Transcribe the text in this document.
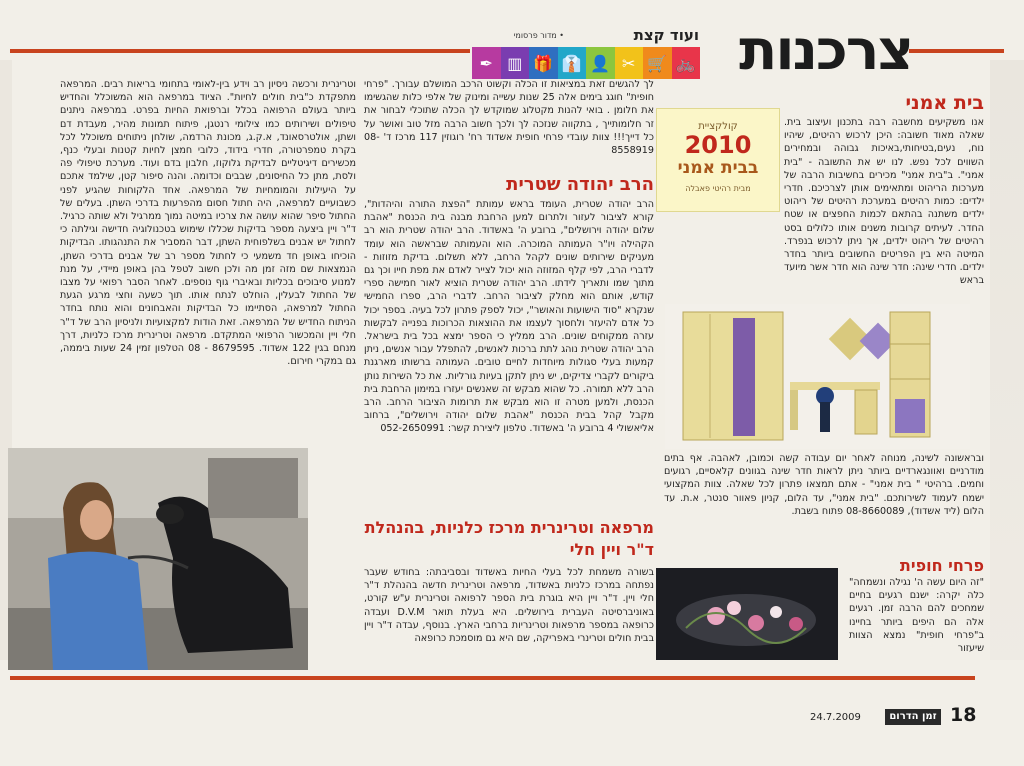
צרכנות
ועוד קצת
• מדור פרסומי
✒ ▥ 🎁 👔 👤 ✂ 🛒 🚲
בית אמני
אנו משקיעים מחשבה רבה בתכנון ועיצוב בית. שאלה מאוד חשובה: היכן לרכוש רהיטים, שיהיו נוח, נעים,בטיחותי,באיכות גבוהה ובמחירים השווים לכל נפש. לנו יש את התשובה - "בית אמני". ב"בית אמני" מכירים בחשיבות הרבה של מערכות הריהוט ומתאימים אותן לצרכיכם. חדרי ילדים: כמות רהיטים במערכת רהיטים של ריהוט ילדים משתנה בהתאם לכמות החפצים או שטח החדר. לעיתים קרובות משנים אותו כלולים בסט רהיטים של ריהוט ילדים, אך ניתן לרכוש בנפרד. המיטה היא בין הפריטים החשובים ביותר בחדר ילדים. חדרי שינה: חדר שינה הוא חדר אשר מיועד בראש
קולקציית
2010
בבית אמני
מבית רהיטי פאבלה
ובראשונה לשינה, מנוחה לאחר יום עבודה קשה וכמובן, לאהבה. אף בתים מודרניים ואוונגארדיים ביותר ניתן לראות חדר שינה בגוונים קלאסיים, רגועים וחמים. ברהיטי " בית אמני" - אתם תמצאו פתרון לכל שאלה. צוות המקצועי ישמח לעמוד לשירותכם. "בית אמני", עד הלום, קניון פאוור סנטר, א.ת. עד הלום (ליד אשדוד), 08-8660089 פתוח בשבת.
פרחי חופית
"זה היום עשה ה' נגילה ונשמחה" כלה יקרה: ישנם רגעים בחיים שמחכים להם הרבה זמן. רגעים אלה הם היפים ביותר בחיינו ב"פרחי חופית" נמצא הצוות שיעזור
לך להגשים זאת במציאות זו הכלה וקשוט הרכב המושלם עבורך. "פרחי חופית" חוגג בימים אלה 25 שנות עשייה ומינוק של אלפי כלות שהגשימו את חלומן . בואי להנות מקטלוג שמוקדש לך הכלה שתוכלי לבחור את זר חלומותייך , בתקווה שנזכה לך ולכך חשוב הרבה מזל טוב ואושר על כל דייך!!! צוות עובדי פרחי חופית אשדוד רח' רוגוזין 117 מרכז ד' 08-8558919
הרב יהודה שטרית
הרב יהודה שטרית, העומד בראש עמותת "הפצת התורה והיהדות", קורא לציבור לעזור ולתרום למען הרחבת מבנה בית הכנסת "אהבת שלום יהודה וירושלים", ברובע ה' באשדוד. הרב יהודה שטרית הוא רב הקהילה ויו"ר העמותה המוכרה. הוא והעמותה שבראשה הוא עומד מעניקים שירותים שונים לקהל הרחב, ללא תשלום. בדיקת מזוזות - לדברי הרב, לפי קלף המזוזה הוא יכול לצייר לאדם את מפת חייו וכך גם מתוך שמו ותאריך לידתו. הרב יהודה שטרית הוציא לאור חמישה ספרי קודש, אותם הוא מחלק לציבור הרחב. לדברי הרב, ספרו החמישי שנקרא "סוד הישועות והאושר", יכול לספק פתרון לכל בעיה. בספר יכול כל אדם להיעזר ולחסוך לעצמו את ההוצאות הכרוכות בפנייה לבקשות עזרה ממקוחים שונים. הרב ממליץ כי הספר ימצא בכל בית בישראל. הרב יהודה שטרית נוהג לתת ברכות לאנשים, להתפלל עבור אנשים, ניתן קמעות בעלי סגולות מיוחדות לחיים טובים. העמותה ברשותו מארגנת ביקורים לקברי צדיקים, יש ניתן לתקן בעיות גורליות. את כל השירות נותן הרב ללא תמורה. כל שהוא מבקש זה שאנשים יעזרו במימון הרחבת בית הכנסת, ולמען מטרה זו הוא מבקש את תרומות הציבור הרחב. הרב מקבל קהל בבית הכנסת "אהבת שלום יהודה וירושלים", ברחוב אליאשולי 4 ברובע ה' באשדוד. טלפון ליצירת קשר: 052-2650991
מרפאה וטרינרית מרכז כלניות, בהנהלת
ד"ר ויין חלי
בשורה משמחת לכל בעלי החיות באשדוד ובסביבתה: בחודש שעבר נפתחה במרכז כלניות באשדוד, מרפאה וטרינרית חדשה בהנהלת ד"ר חלי ויין. ד"ר ויין היא בוגרת בית הספר לרפואה וטרינרית ע"ש קורט, באוניברסיטה העברית בירושלים. היא בעלת תואר D.V.M ועבדה כרופאה במספר מרפאות וטרינריות ברחבי הארץ. בנוסף, עבדה ד"ר ויין בבית חולים וטרינרי באפריקה, שם היא גם מוסמכת כרופאה
וטרינרית ורכשה ניסיון רב וידע בין-לאומי בתחומי בריאות רבים. המרפאה מתפקדת כ"בית חולים לחיות". הציוד במרפאה הוא המשוכלל והחדיש ביותר בעולם הרפואה בכלל וברפואת החיות בפרט. במרפאה ניתנים טיפולים ושירותים כמו צילומי רנטגן, פיתוח תמונות מהיר, מעבדת דם ושתן, אולטרסאונד, א.ק.ג, מכונת הרדמה, שולחן ניתוחים משוכלל לכל בקרת טמפרטורה, חדרי בידוד, כלובי חמצן לחיות קטנות ובעלי כנף, מכשירים דיגיטליים לבדיקת גלוקוז, חלבון בדם ועוד. מערכת טיפולי פה ולסת, מתן כל החיסונים, שבבים וכדומה. והנה סיפור קטן, שילמד אתכם על היעילות והמומחיות של המרפאה. אחד הלקוחות שהגיע לפני כשבועיים למרפאה, היה חתול חסום מהפרעות בדרכי השתן. בעלים של החתול סיפר שהוא עושה את צרכיו במיטה נמוך ממרגיל ולא שותה כרגיל. ד"ר ויין ביצעה מספר בדיקות שכללו שימוש בטכנולוגיה חדישה וגילתה כי לחתול יש אבנים בשלפוחית השתן, דבר המסביר את התנהגותו. הבדיקות הוכיחו באופן חד משמעי כי לחתול מספר רב של אבנים בדרכי השתן, הנמצאות שם מזה זמן מה ולכן חשוב לטפל בהן באופן מיידי, על מנת למנוע סיבוכים בכליות ובאיברי גוף נוספים. לאחר הסבר רפואי על מצבו של החתול לבעלין, הוחלט לנתח אותו. תוך כשעה וחצי מרגע הגעת החתול למרפאה, הסתיימו כל הבדיקות והאבחונים והוא נותח בחדר הניתוח החדיש של המרפאה. זאת הודות למקצועיות ולניסיון הרב של ד"ר חלי ויין והמכשור הרפואי המתקדם. מרפאה וטרינרית מרכז כלניות, דרך מנחם בגין 122 אשדוד. 8679595 - 08 הטלפון זמין 24 שעות ביממה, גם במקרי חירום.
24.7.2009	זמן הדרום 18
